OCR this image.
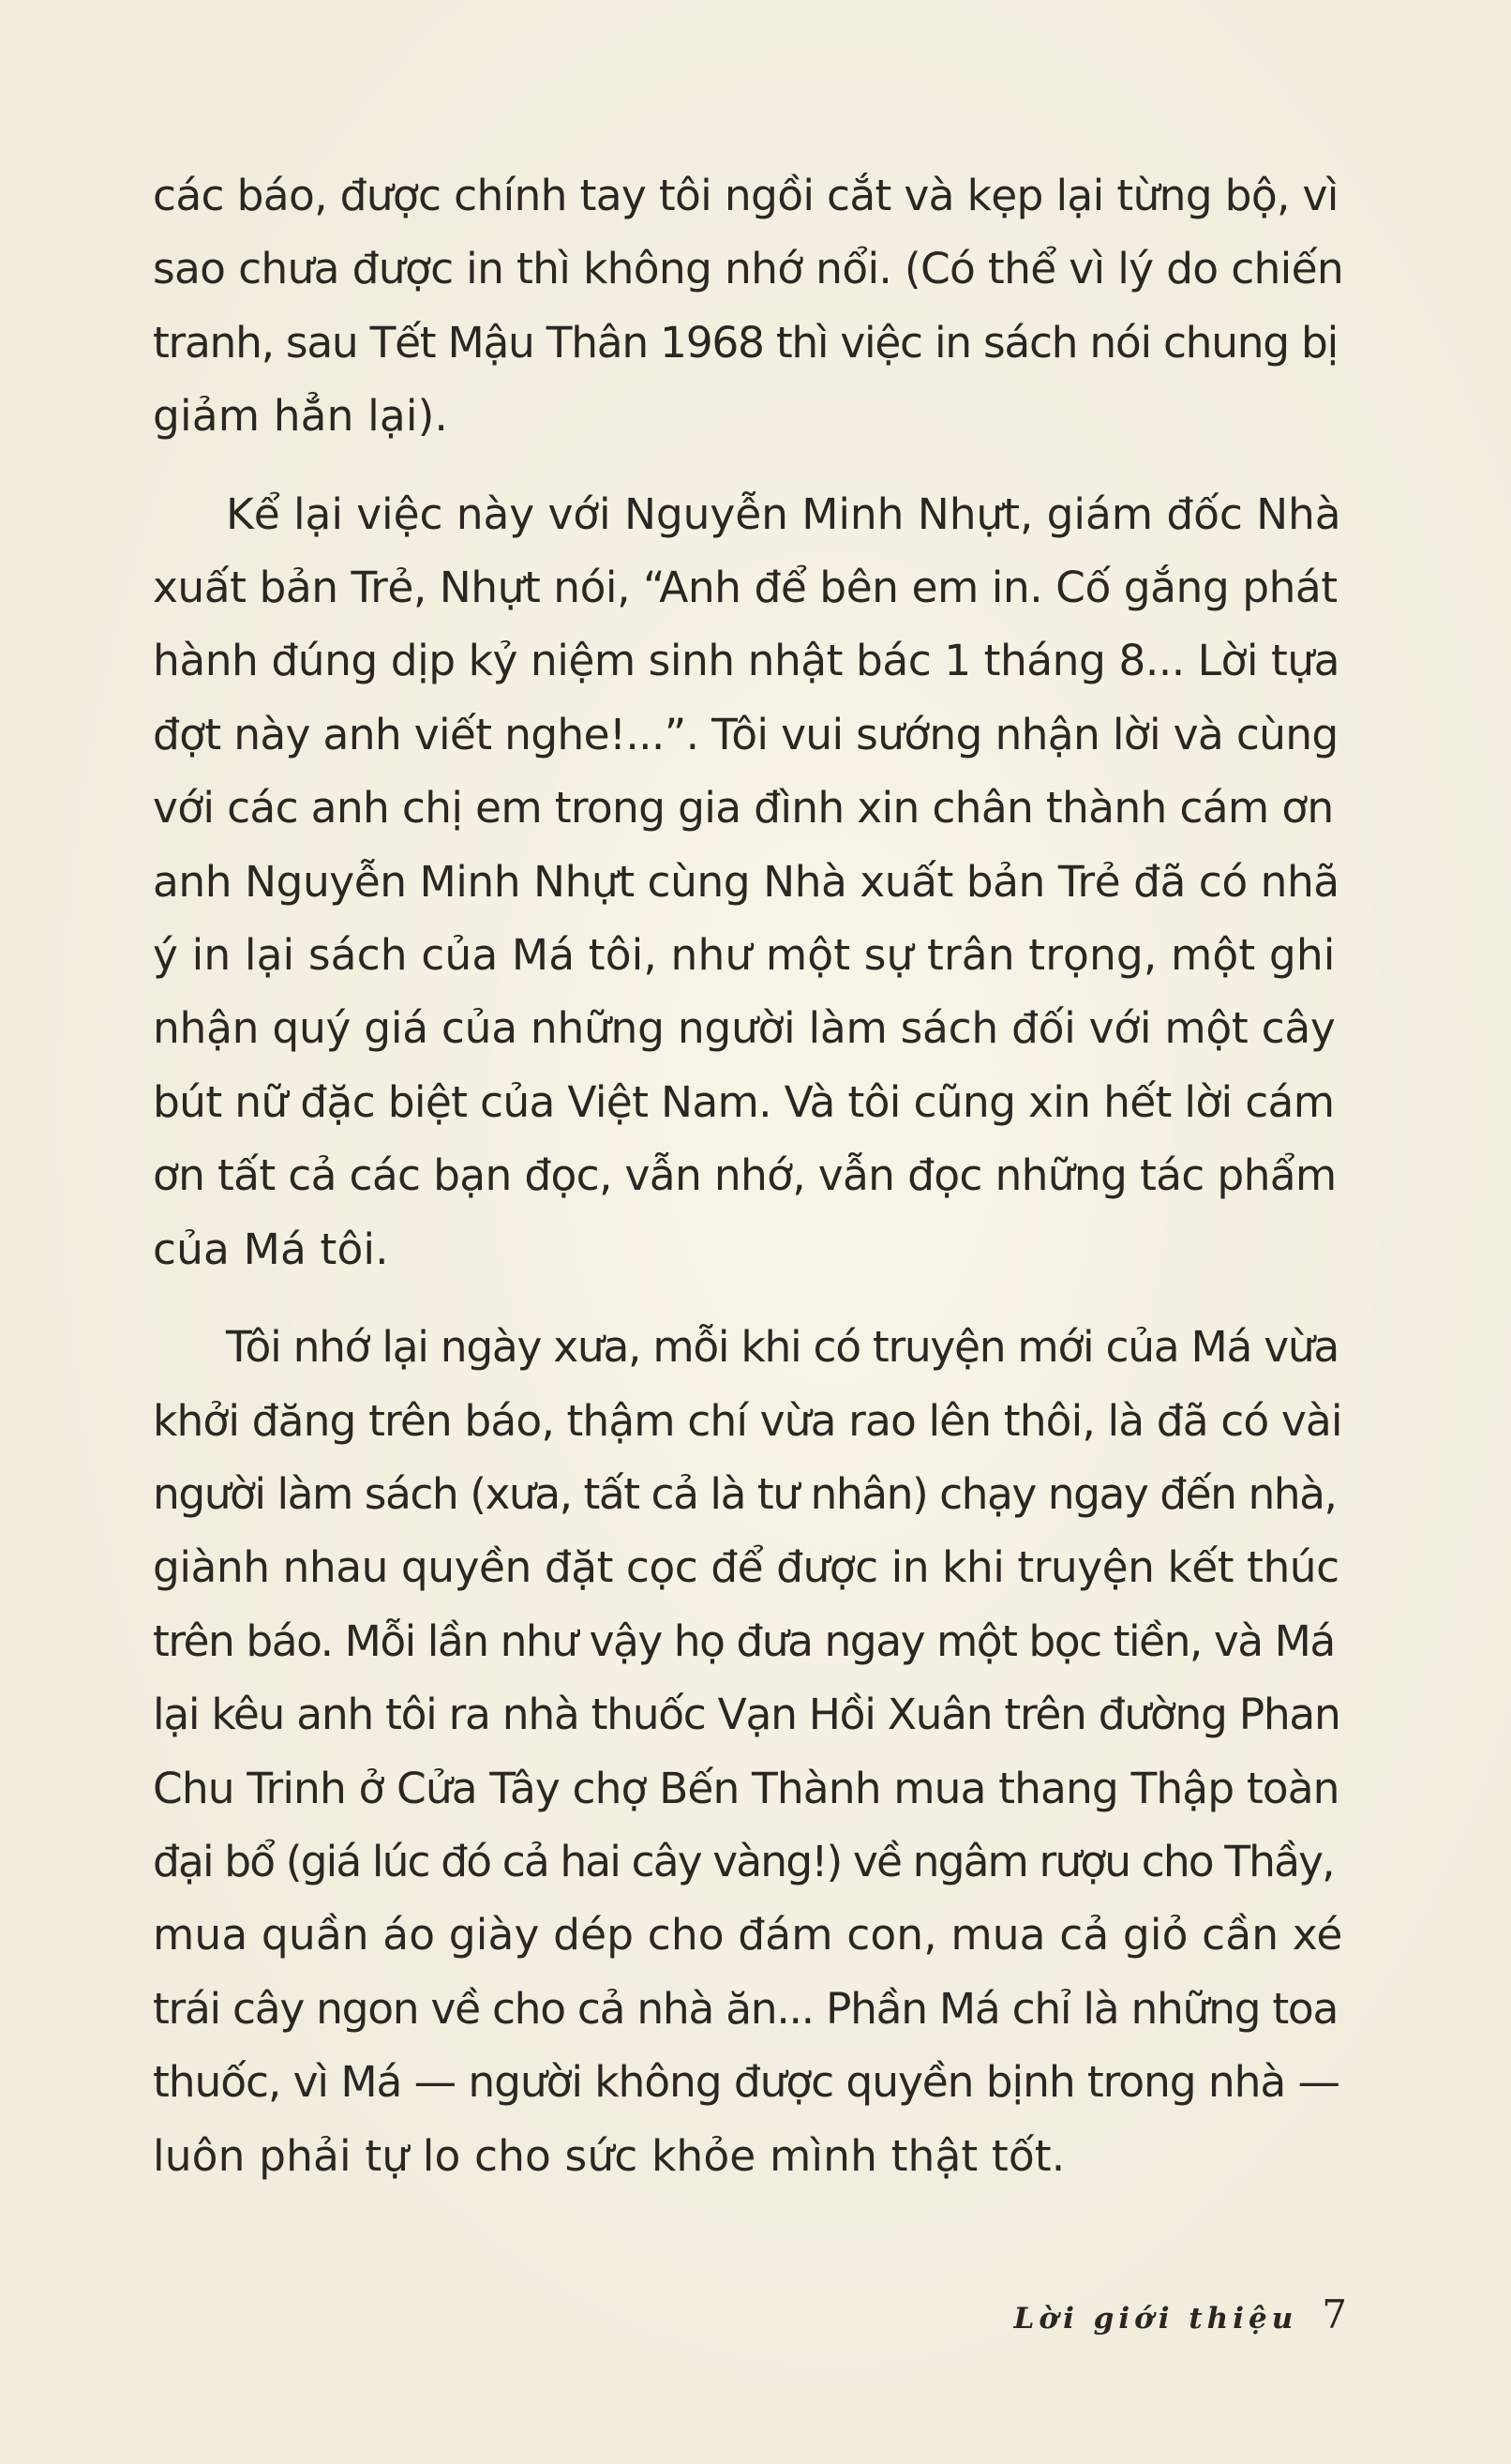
các báo, được chính tay tôi ngồi cắt và kẹp lại từng bộ, vì
sao chưa được in thì không nhớ nổi. (Có thể vì lý do chiến
tranh, sau Tết Mậu Thân 1968 thì việc in sách nói chung bị
giảm hẳn lại).

Kể lại việc này với Nguyễn Minh Nhựt, giám đốc Nhà
xuất bản Trẻ, Nhựt nói, “Anh để bên em in. Cố gắng phát
hành đúng dịp kỷ niệm sinh nhật bác 1 tháng 8... Lời tựa
đợt này anh viết nghe!...”. Tôi vui sướng nhận lời và cùng
với các anh chị em trong gia đình xin chân thành cám ơn
anh Nguyễn Minh Nhựt cùng Nhà xuất bản Trẻ đã có nhã
ý in lại sách của Má tôi, như một sự trân trọng, một ghi
nhận quý giá của những người làm sách đối với một cây
bút nữ đặc biệt của Việt Nam. Và tôi cũng xin hết lời cám
ơn tất cả các bạn đọc, vẫn nhớ, vẫn đọc những tác phẩm
của Má tôi.

Tôi nhớ lại ngày xưa, mỗi khi có truyện mới của Má vừa
khởi đăng trên báo, thậm chí vừa rao lên thôi, là đã có vài
người làm sách (xưa, tất cả là tư nhân) chạy ngay đến nhà,
giành nhau quyền đặt cọc để được in khi truyện kết thúc
trên báo. Mỗi lần như vậy họ đưa ngay một bọc tiền, và Má
lại kêu anh tôi ra nhà thuốc Vạn Hồi Xuân trên đường Phan
Chu Trinh ở Cửa Tây chợ Bến Thành mua thang Thập toàn
đại bổ (giá lúc đó cả hai cây vàng!) về ngâm rượu cho Thầy,
mua quần áo giày dép cho đám con, mua cả giỏ cần xé
trái cây ngon về cho cả nhà ăn... Phần Má chỉ là những toa
thuốc, vì Má — người không được quyền bịnh trong nhà —
luôn phải tự lo cho sức khỏe mình thật tốt.

Lời giới thiệu 7
